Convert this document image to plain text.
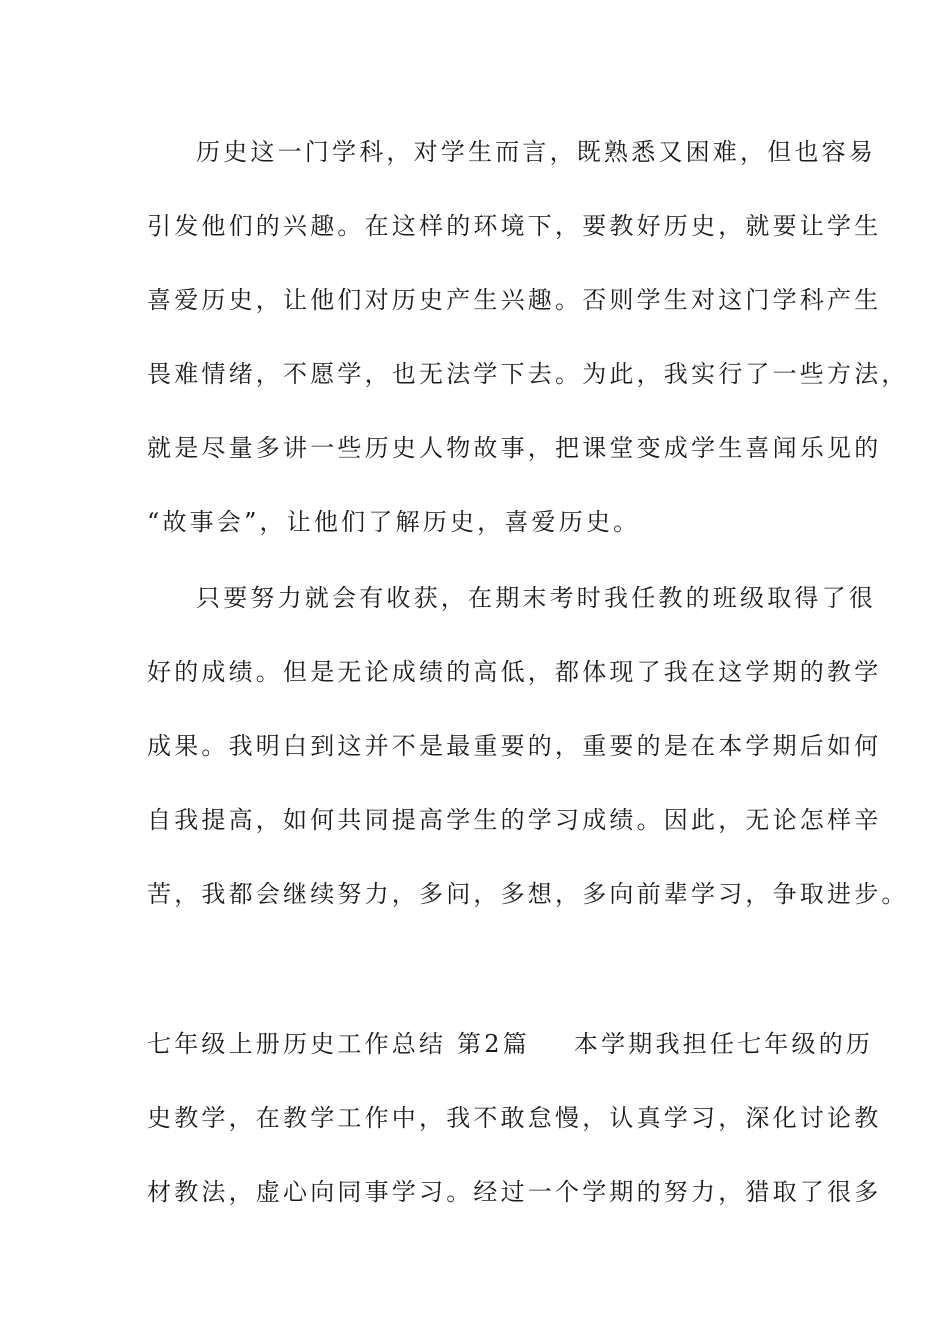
历史这一门学科，对学生而言，既熟悉又困难，但也容易
引发他们的兴趣。在这样的环境下，要教好历史，就要让学生
喜爱历史，让他们对历史产生兴趣。否则学生对这门学科产生
畏难情绪，不愿学，也无法学下去。为此，我实行了一些方法，
就是尽量多讲一些历史人物故事，把课堂变成学生喜闻乐见的
“故事会”，让他们了解历史，喜爱历史。
只要努力就会有收获，在期末考时我任教的班级取得了很
好的成绩。但是无论成绩的高低，都体现了我在这学期的教学
成果。我明白到这并不是最重要的，重要的是在本学期后如何
自我提高，如何共同提高学生的学习成绩。因此，无论怎样辛
苦，我都会继续努力，多问，多想，多向前辈学习，争取进步。
七年级上册历史工作总结 第2篇 本学期我担任七年级的历
史教学，在教学工作中，我不敢怠慢，认真学习，深化讨论教
材教法，虚心向同事学习。经过一个学期的努力，猎取了很多
